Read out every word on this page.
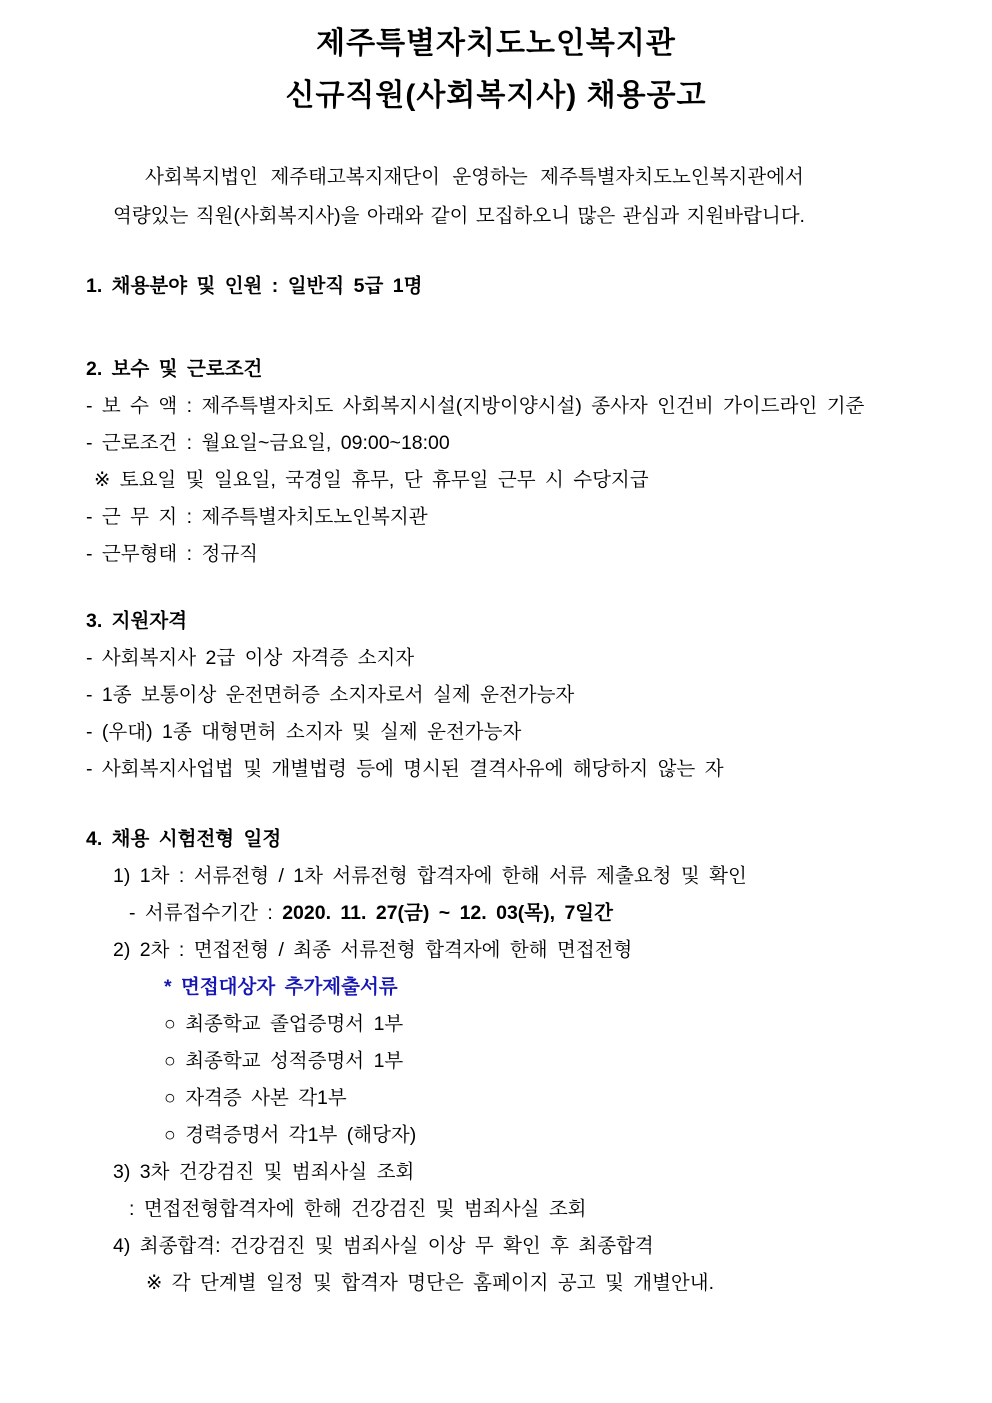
제주특별자치도노인복지관
신규직원(사회복지사) 채용공고
사회복지법인 제주태고복지재단이 운영하는 제주특별자치도노인복지관에서
역량있는 직원(사회복지사)을 아래와 같이 모집하오니 많은 관심과 지원바랍니다.

1. 채용분야 및 인원 : 일반직 5급 1명

2. 보수 및 근로조건

- 보 수 액 : 제주특별자치도 사회복지시설(지방이양시설) 종사자 인건비 가이드라인 기준

- 근로조건 : 월요일~금요일, 09:00~18:00

※ 토요일 및 일요일, 국경일 휴무, 단 휴무일 근무 시 수당지급

- 근 무 지 : 제주특별자치도노인복지관

- 근무형태 : 정규직

3. 지원자격

- 사회복지사 2급 이상 자격증 소지자

- 1종 보통이상 운전면허증 소지자로서 실제 운전가능자

- (우대) 1종 대형면허 소지자 및 실제 운전가능자

- 사회복지사업법 및 개별법령 등에 명시된 결격사유에 해당하지 않는 자

4. 채용 시험전형 일정

1) 1차 : 서류전형 / 1차 서류전형 합격자에 한해 서류 제출요청 및 확인

- 서류접수기간 : 2020. 11. 27(금) ~ 12. 03(목), 7일간

2) 2차 : 면접전형 / 최종 서류전형 합격자에 한해 면접전형

* 면접대상자 추가제출서류

○ 최종학교 졸업증명서 1부

○ 최종학교 성적증명서 1부

○ 자격증 사본 각1부

○ 경력증명서 각1부 (해당자)

3) 3차 건강검진 및 범죄사실 조회

: 면접전형합격자에 한해 건강검진 및 범죄사실 조회

4) 최종합격: 건강검진 및 범죄사실 이상 무 확인 후 최종합격

※ 각 단계별 일정 및 합격자 명단은 홈페이지 공고 및 개별안내.
